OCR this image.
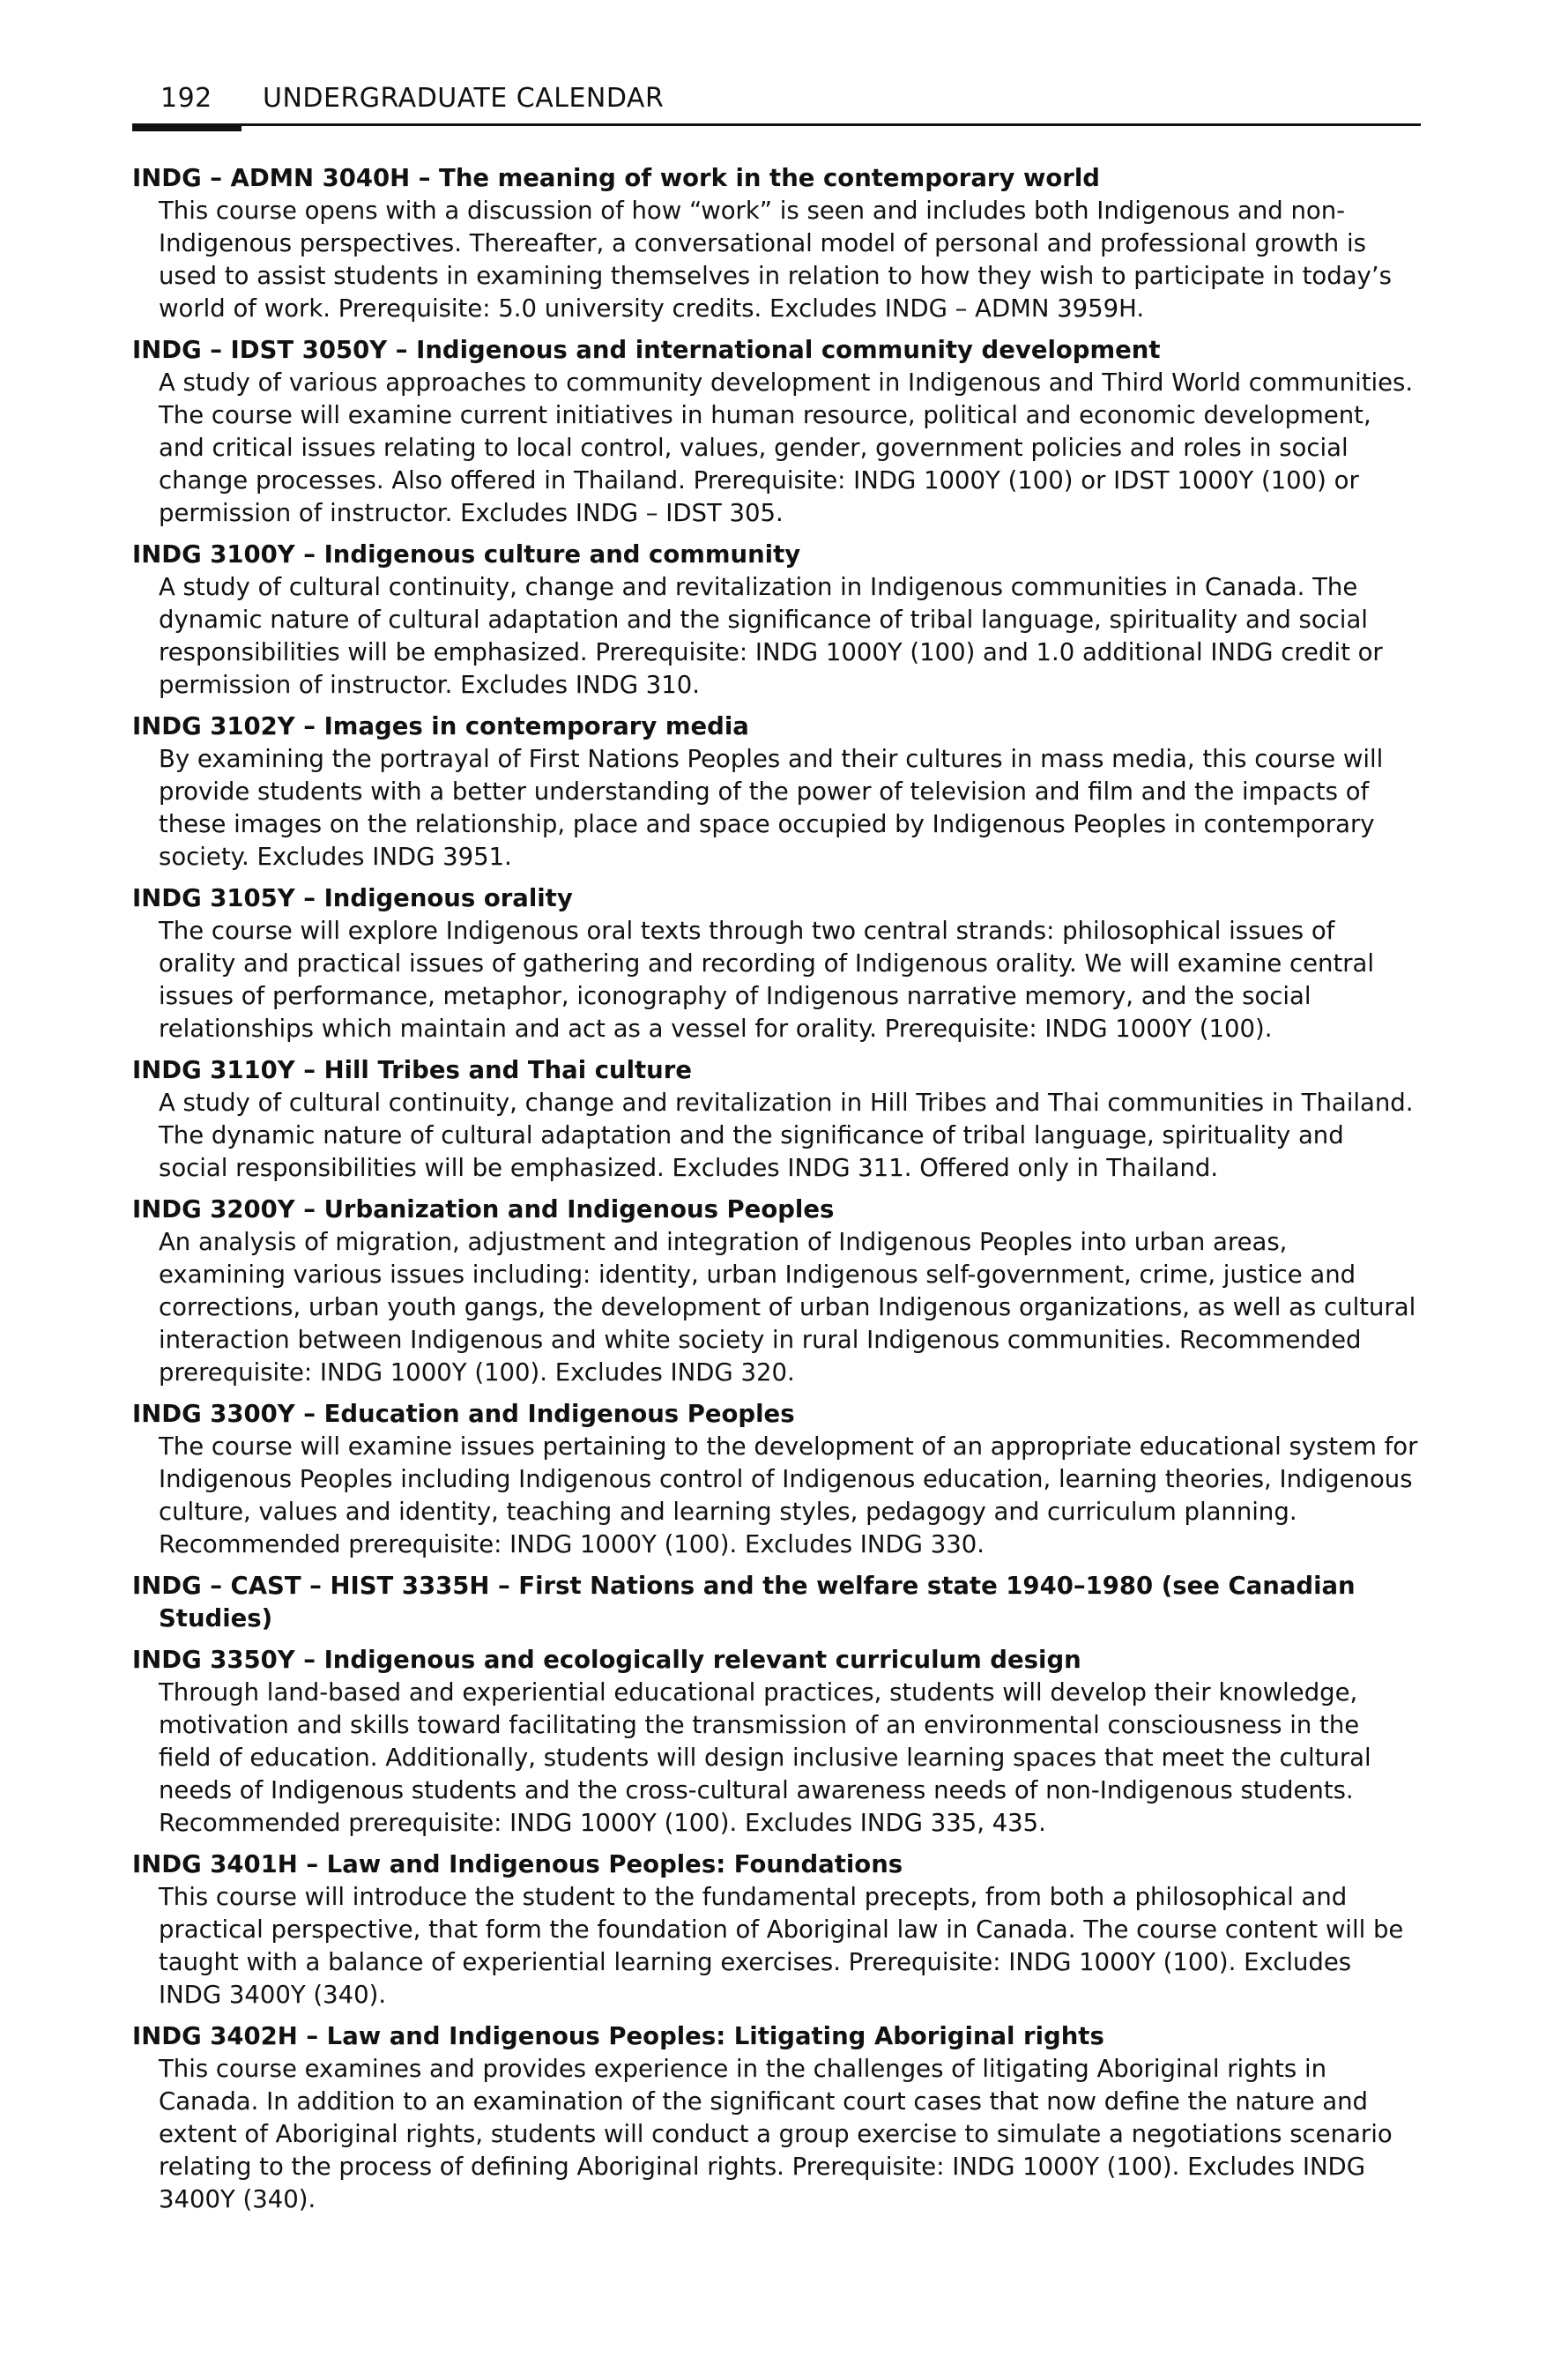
192 UNDERGRADUATE CALENDAR
INDG – ADMN 3040H – The meaning of work in the contemporary world
This course opens with a discussion of how “work” is seen and includes both Indigenous and non-Indigenous perspectives. Thereafter, a conversational model of personal and professional growth is used to assist students in examining themselves in relation to how they wish to participate in today’s world of work. Prerequisite: 5.0 university credits. Excludes INDG – ADMN 3959H.
INDG – IDST 3050Y – Indigenous and international community development
A study of various approaches to community development in Indigenous and Third World communities. The course will examine current initiatives in human resource, political and economic development, and critical issues relating to local control, values, gender, government policies and roles in social change processes. Also offered in Thailand. Prerequisite: INDG 1000Y (100) or IDST 1000Y (100) or permission of instructor. Excludes INDG – IDST 305.
INDG 3100Y – Indigenous culture and community
A study of cultural continuity, change and revitalization in Indigenous communities in Canada. The dynamic nature of cultural adaptation and the significance of tribal language, spirituality and social responsibilities will be emphasized. Prerequisite: INDG 1000Y (100) and 1.0 additional INDG credit or permission of instructor. Excludes INDG 310.
INDG 3102Y – Images in contemporary media
By examining the portrayal of First Nations Peoples and their cultures in mass media, this course will provide students with a better understanding of the power of television and film and the impacts of these images on the relationship, place and space occupied by Indigenous Peoples in contemporary society. Excludes INDG 3951.
INDG 3105Y – Indigenous orality
The course will explore Indigenous oral texts through two central strands: philosophical issues of orality and practical issues of gathering and recording of Indigenous orality. We will examine central issues of performance, metaphor, iconography of Indigenous narrative memory, and the social relationships which maintain and act as a vessel for orality. Prerequisite: INDG 1000Y (100).
INDG 3110Y – Hill Tribes and Thai culture
A study of cultural continuity, change and revitalization in Hill Tribes and Thai communities in Thailand. The dynamic nature of cultural adaptation and the significance of tribal language, spirituality and social responsibilities will be emphasized. Excludes INDG 311. Offered only in Thailand.
INDG 3200Y – Urbanization and Indigenous Peoples
An analysis of migration, adjustment and integration of Indigenous Peoples into urban areas, examining various issues including: identity, urban Indigenous self-government, crime, justice and corrections, urban youth gangs, the development of urban Indigenous organizations, as well as cultural interaction between Indigenous and white society in rural Indigenous communities. Recommended prerequisite: INDG 1000Y (100). Excludes INDG 320.
INDG 3300Y – Education and Indigenous Peoples
The course will examine issues pertaining to the development of an appropriate educational system for Indigenous Peoples including Indigenous control of Indigenous education, learning theories, Indigenous culture, values and identity, teaching and learning styles, pedagogy and curriculum planning. Recommended prerequisite: INDG 1000Y (100). Excludes INDG 330.
INDG – CAST – HIST 3335H – First Nations and the welfare state 1940–1980 (see Canadian Studies)
INDG 3350Y – Indigenous and ecologically relevant curriculum design
Through land-based and experiential educational practices, students will develop their knowledge, motivation and skills toward facilitating the transmission of an environmental consciousness in the field of education. Additionally, students will design inclusive learning spaces that meet the cultural needs of Indigenous students and the cross-cultural awareness needs of non-Indigenous students. Recommended prerequisite: INDG 1000Y (100). Excludes INDG 335, 435.
INDG 3401H – Law and Indigenous Peoples: Foundations
This course will introduce the student to the fundamental precepts, from both a philosophical and practical perspective, that form the foundation of Aboriginal law in Canada. The course content will be taught with a balance of experiential learning exercises. Prerequisite: INDG 1000Y (100). Excludes INDG 3400Y (340).
INDG 3402H – Law and Indigenous Peoples: Litigating Aboriginal rights
This course examines and provides experience in the challenges of litigating Aboriginal rights in Canada. In addition to an examination of the significant court cases that now define the nature and extent of Aboriginal rights, students will conduct a group exercise to simulate a negotiations scenario relating to the process of defining Aboriginal rights. Prerequisite: INDG 1000Y (100). Excludes INDG 3400Y (340).
